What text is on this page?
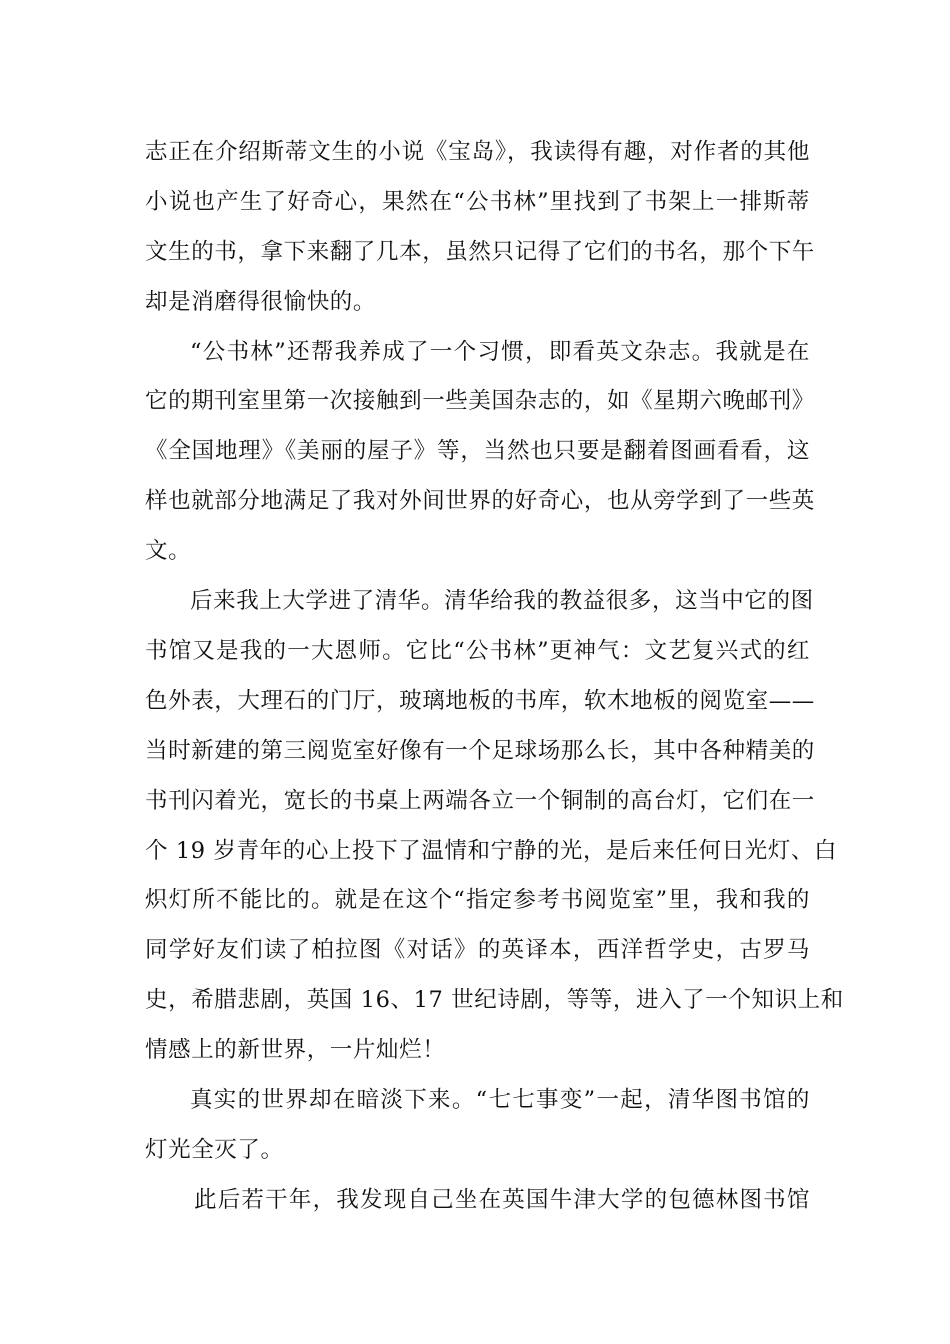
志正在介绍斯蒂文生的小说《宝岛》，我读得有趣，对作者的其他
小说也产生了好奇心，果然在“公书林”里找到了书架上一排斯蒂
文生的书，拿下来翻了几本，虽然只记得了它们的书名，那个下午
却是消磨得很愉快的。
“公书林”还帮我养成了一个习惯，即看英文杂志。我就是在
它的期刊室里第一次接触到一些美国杂志的，如《星期六晚邮刊》
《全国地理》《美丽的屋子》等，当然也只要是翻着图画看看，这
样也就部分地满足了我对外间世界的好奇心，也从旁学到了一些英
文。
后来我上大学进了清华。清华给我的教益很多，这当中它的图
书馆又是我的一大恩师。它比“公书林”更神气：文艺复兴式的红
色外表，大理石的门厅，玻璃地板的书库，软木地板的阅览室——
当时新建的第三阅览室好像有一个足球场那么长，其中各种精美的
书刊闪着光，宽长的书桌上两端各立一个铜制的高台灯，它们在一
个 19 岁青年的心上投下了温情和宁静的光，是后来任何日光灯、白
炽灯所不能比的。就是在这个“指定参考书阅览室”里，我和我的
同学好友们读了柏拉图《对话》的英译本，西洋哲学史，古罗马
史，希腊悲剧，英国 16、17 世纪诗剧，等等，进入了一个知识上和
情感上的新世界，一片灿烂！
真实的世界却在暗淡下来。“七七事变”一起，清华图书馆的
灯光全灭了。
此后若干年，我发现自己坐在英国牛津大学的包德林图书馆
